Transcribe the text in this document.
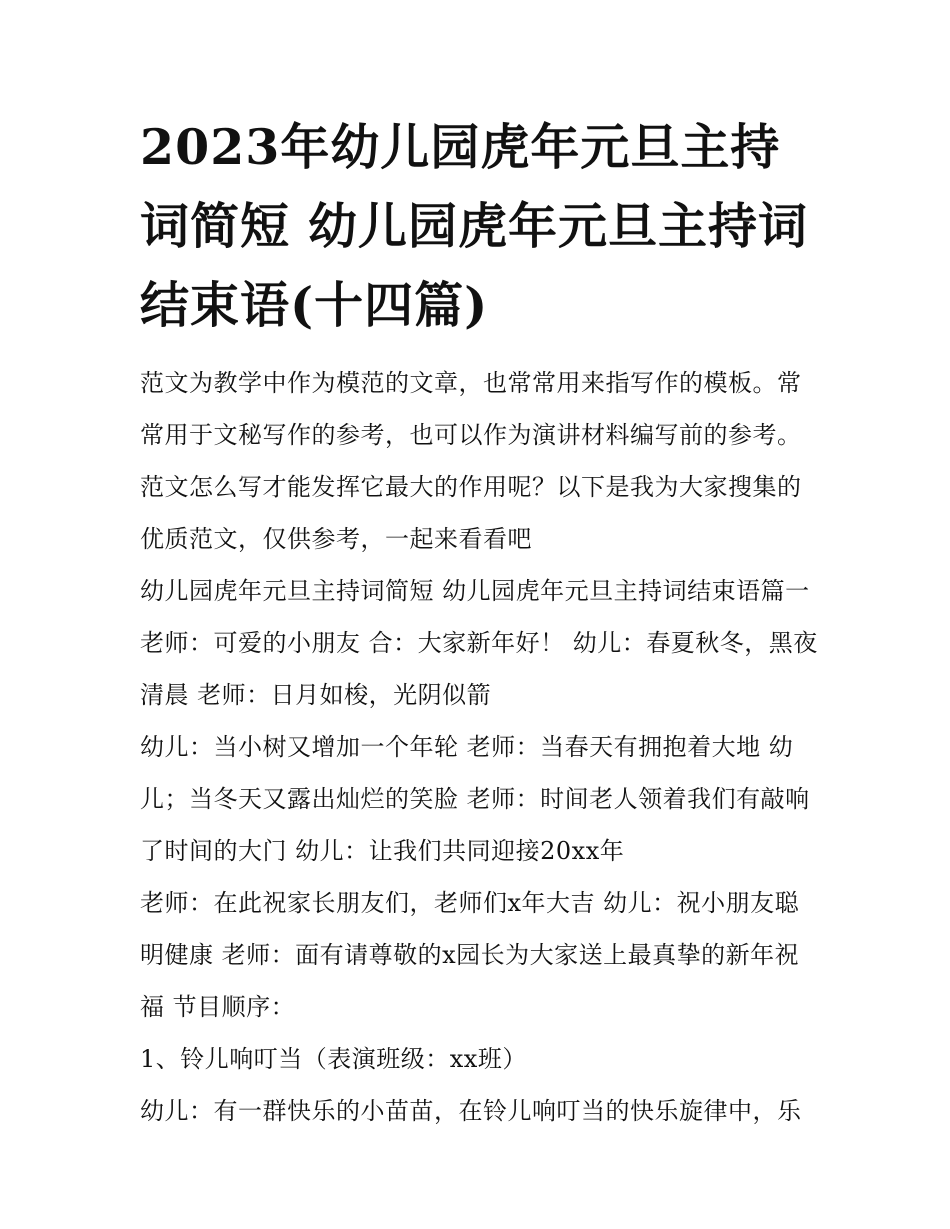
2023年幼儿园虎年元旦主持词简短 幼儿园虎年元旦主持词结束语(十四篇)

范文为教学中作为模范的文章，也常常用来指写作的模板。常常用于文秘写作的参考，也可以作为演讲材料编写前的参考。范文怎么写才能发挥它最大的作用呢？以下是我为大家搜集的优质范文，仅供参考，一起来看看吧

幼儿园虎年元旦主持词简短 幼儿园虎年元旦主持词结束语篇一 老师：可爱的小朋友 合：大家新年好！ 幼儿：春夏秋冬，黑夜清晨 老师：日月如梭，光阴似箭

幼儿：当小树又增加一个年轮 老师：当春天有拥抱着大地 幼儿；当冬天又露出灿烂的笑脸 老师：时间老人领着我们有敲响了时间的大门 幼儿：让我们共同迎接20xx年

老师：在此祝家长朋友们，老师们x年大吉 幼儿：祝小朋友聪明健康 老师：面有请尊敬的x园长为大家送上最真挚的新年祝福 节目顺序：

1、铃儿响叮当（表演班级：xx班）

幼儿：有一群快乐的小苗苗，在铃儿响叮当的快乐旋律中，乐
